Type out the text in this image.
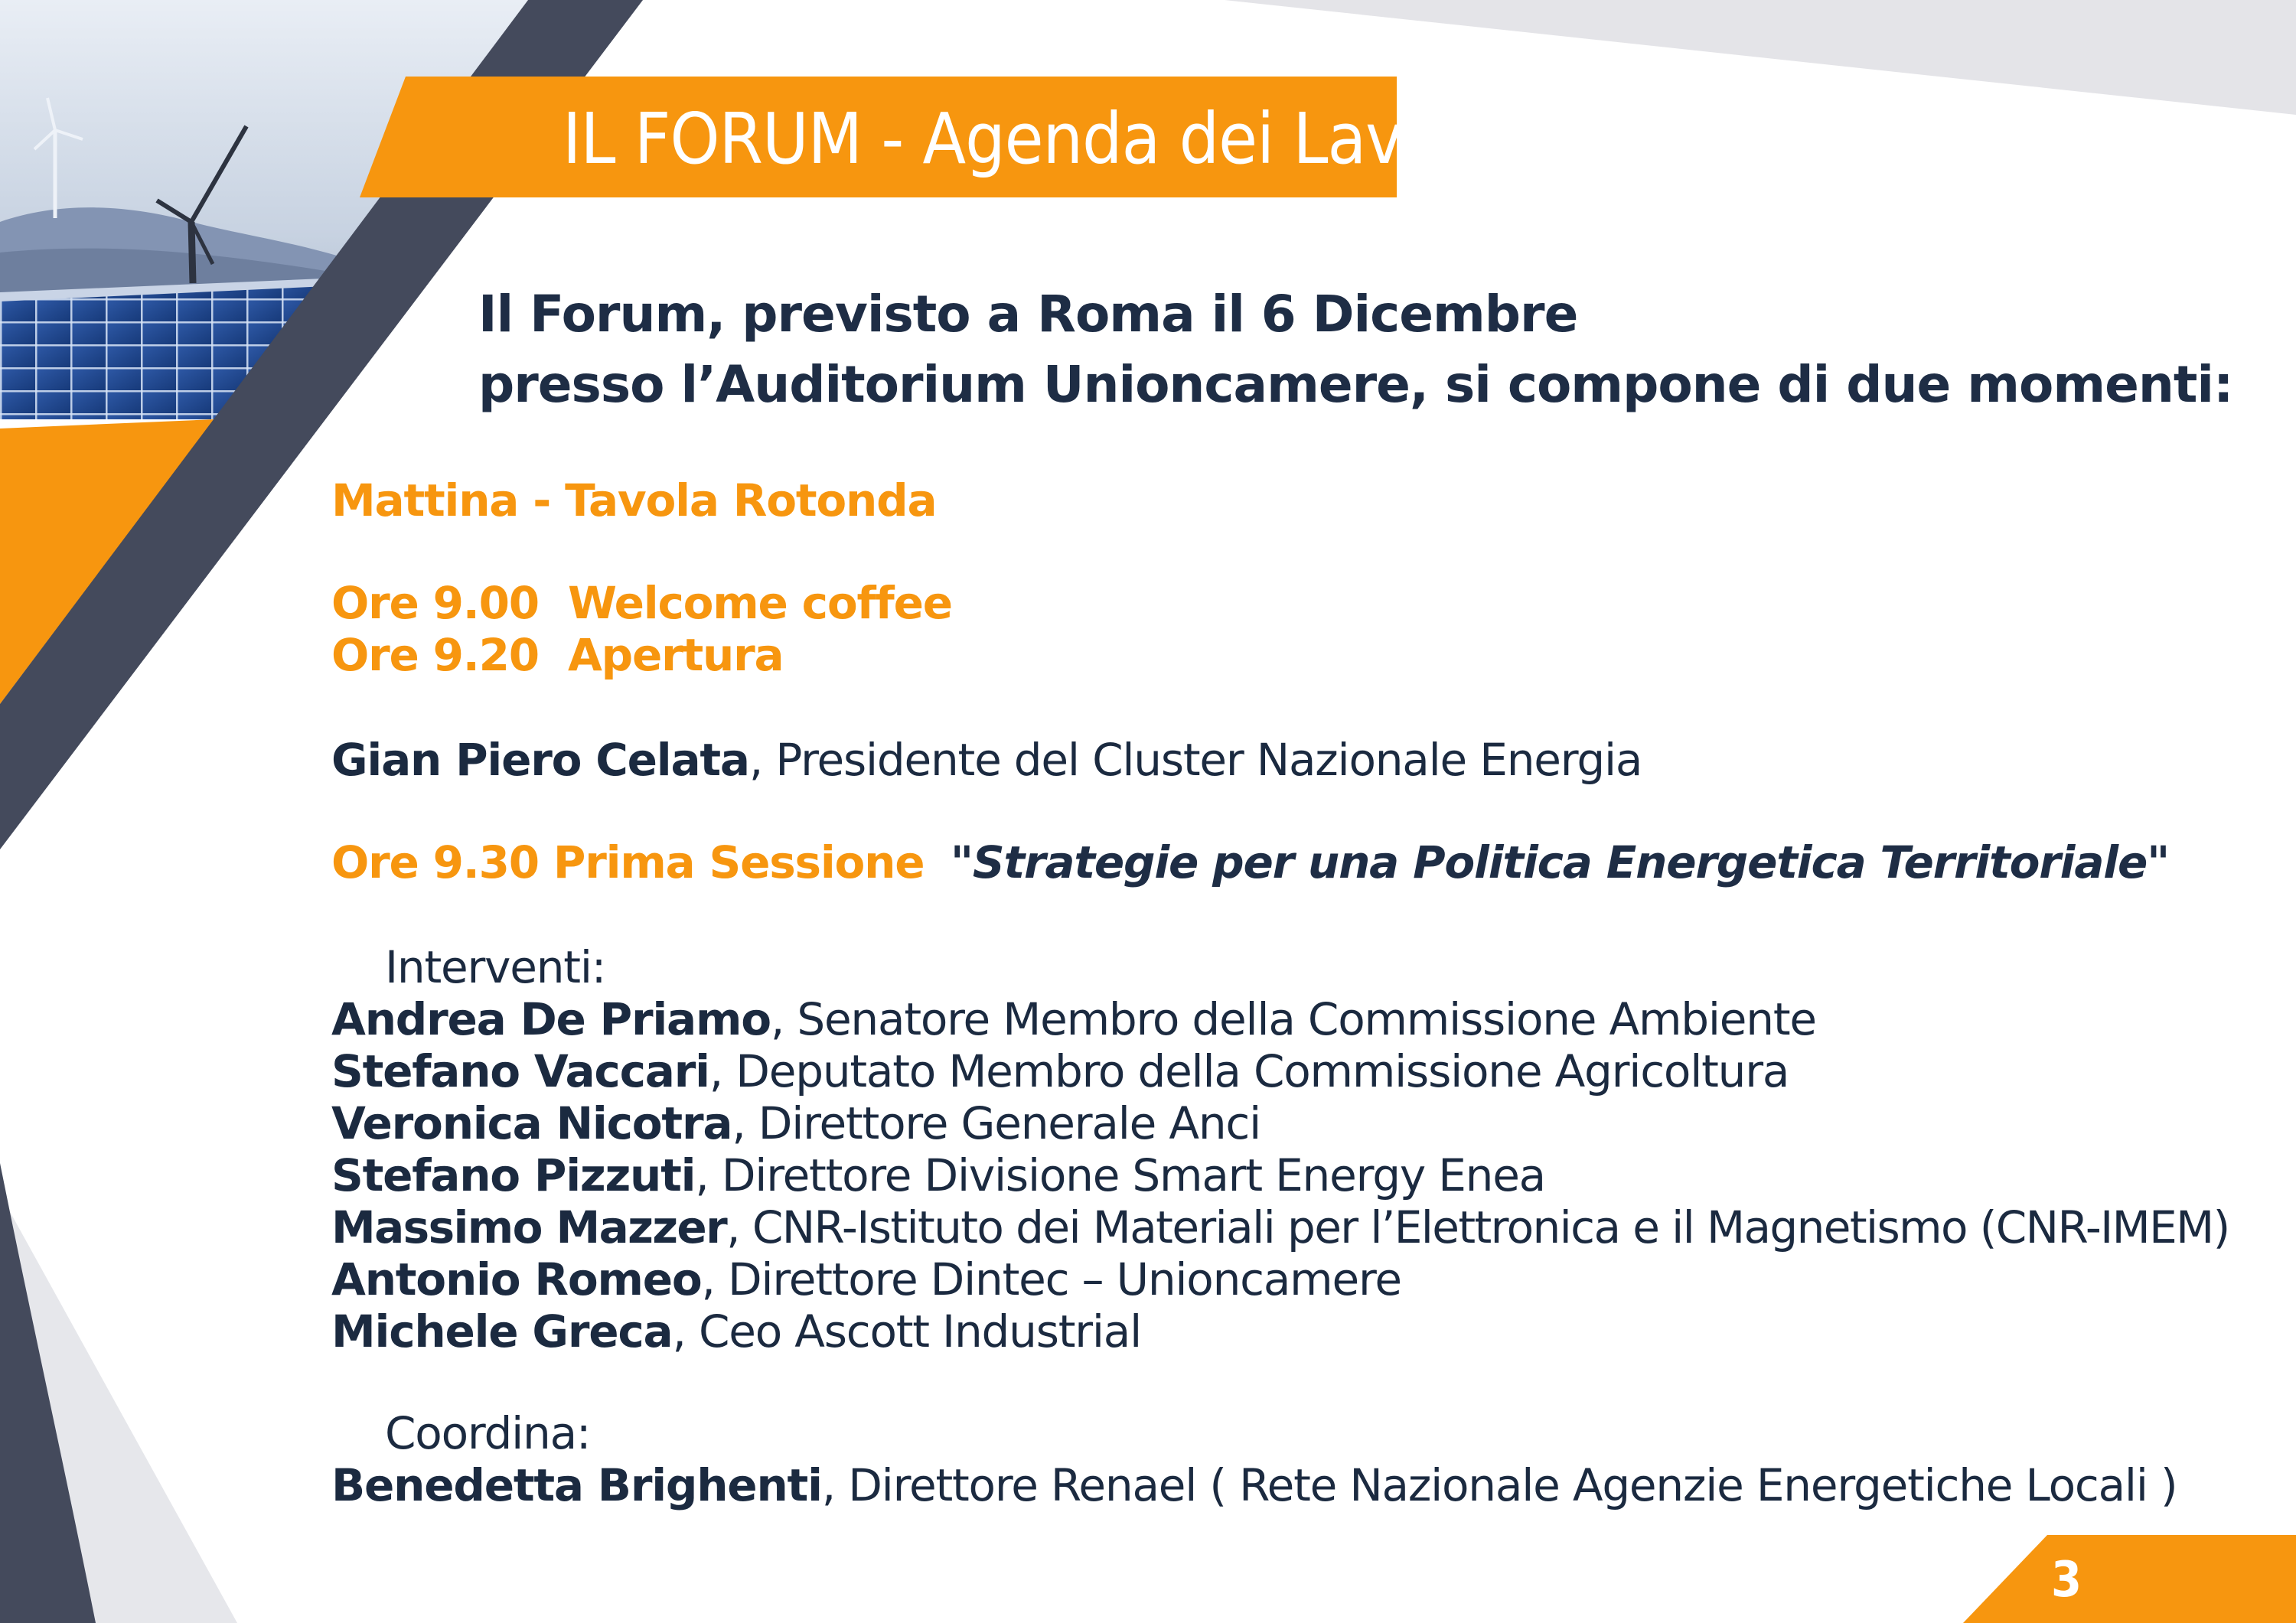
IL FORUM - Agenda dei Lavori
Il Forum, previsto a Roma il 6 Dicembre
presso l’Auditorium Unioncamere, si compone di due momenti:
Mattina - Tavola Rotonda
Ore 9.00 Welcome coffee
Ore 9.20 Apertura
Gian Piero Celata, Presidente del Cluster Nazionale Energia
Ore 9.30 Prima Sessione "Strategie per una Politica Energetica Territoriale"
Interventi:
Andrea De Priamo, Senatore Membro della Commissione Ambiente
Stefano Vaccari, Deputato Membro della Commissione Agricoltura
Veronica Nicotra, Direttore Generale Anci
Stefano Pizzuti, Direttore Divisione Smart Energy Enea
Massimo Mazzer, CNR-Istituto dei Materiali per l’Elettronica e il Magnetismo (CNR-IMEM)
Antonio Romeo, Direttore Dintec – Unioncamere
Michele Greca, Ceo Ascott Industrial
Coordina:
Benedetta Brighenti, Direttore Renael ( Rete Nazionale Agenzie Energetiche Locali )
3
